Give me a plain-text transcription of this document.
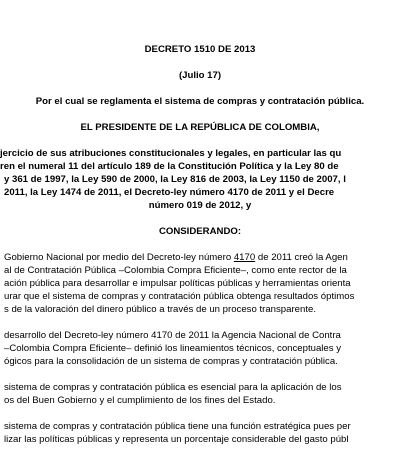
DECRETO 1510 DE 2013
(Julio 17)
Por el cual se reglamenta el sistema de compras y contratación pública.
EL PRESIDENTE DE LA REPÚBLICA DE COLOMBIA,
jercicio de sus atribuciones constitucionales y legales, en particular las qu
ren el numeral 11 del artículo 189 de la Constitución Política y la Ley 80 de
y 361 de 1997, la Ley 590 de 2000, la Ley 816 de 2003, la Ley 1150 de 2007, l
2011, la Ley 1474 de 2011, el Decreto-ley número 4170 de 2011 y el Decre
número 019 de 2012, y
CONSIDERANDO:
Gobierno Nacional por medio del Decreto-ley número 4170 de 2011 creó la Agen
al de Contratación Pública –Colombia Compra Eficiente–, como ente rector de la
ación pública para desarrollar e impulsar políticas públicas y herramientas orienta
urar que el sistema de compras y contratación pública obtenga resultados óptimos
s de la valoración del dinero público a través de un proceso transparente.
desarrollo del Decreto-ley número 4170 de 2011 la Agencia Nacional de Contra
–Colombia Compra Eficiente– definió los lineamientos técnicos, conceptuales y
ógicos para la consolidación de un sistema de compras y contratación pública.
sistema de compras y contratación pública es esencial para la aplicación de los
os del Buen Gobierno y el cumplimiento de los fines del Estado.
sistema de compras y contratación pública tiene una función estratégica pues per
lizar las políticas públicas y representa un porcentaje considerable del gasto públ
